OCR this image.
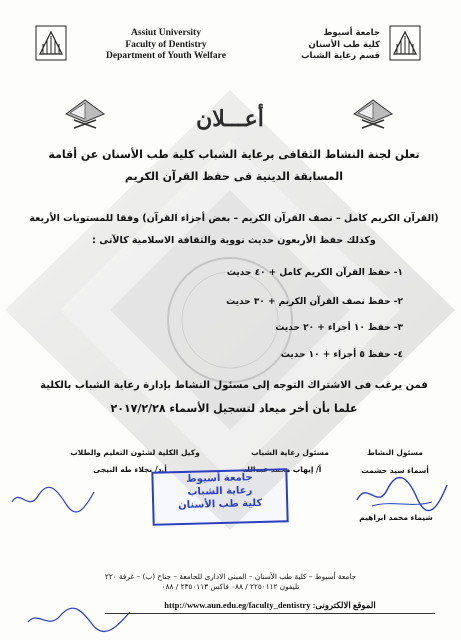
Assiut University
Faculty of Dentistry
Department of Youth Welfare
جامعة أسيوط
كلية طب الأسنان
قسم رعاية الشباب
أعـــلان
تعلن لجنة النشاط الثقافى برعاية الشباب كلية طب الأسنان عن أقامة
المسابقة الدينية فى حفظ القرآن الكريم
(القرآن الكريم كامل – نصف القرآن الكريم – بعض أجزاء القرآن) وفقا للمستويات الأربعة
وكذلك حفظ الأربعون حديث نووية والثقافة الاسلامية كالآتى :
١- حفظ القرآن الكريم كامل + ٤٠ حديث
٢- حفظ نصف القرآن الكريم + ٣٠ حديث
٣- حفظ ١٠ أجزاء + ٢٠ حديث
٤- حفظ ٥ أجزاء + ١٠ حديث
فمن يرغب فى الاشتراك التوجه إلى مسئول النشاط بإدارة رعاية الشباب بالكلية
علما بأن أخر ميعاد لتسجيل الأسماء ٢٠١٧/٢/٢٨
مسئول النشاط
أسماء سيد حشمت
مسئول رعاية الشباب
أ/ إيهاب محمد عبدالله
وكيل الكلية لشئون التعليم والطلاب
أ.د/ نجلاء طه النيجى
شيماء محمد ابراهيم
جامعة أسيوط
رعاية الشباب
كلية طب الأسنان
جامعة أسيوط – كلية طب الأسنان – المبنى الادارى للجامعة – جناح (ب) – غرفة ٢٢٠
تليفون ٢٢٥٠١١٢ / ٠٨٨ فاكس ٢٣٥٠١١٣ / ٠٨٨
الموقع الالكترونى: http://www.aun.edu.eg/faculty_dentistry
